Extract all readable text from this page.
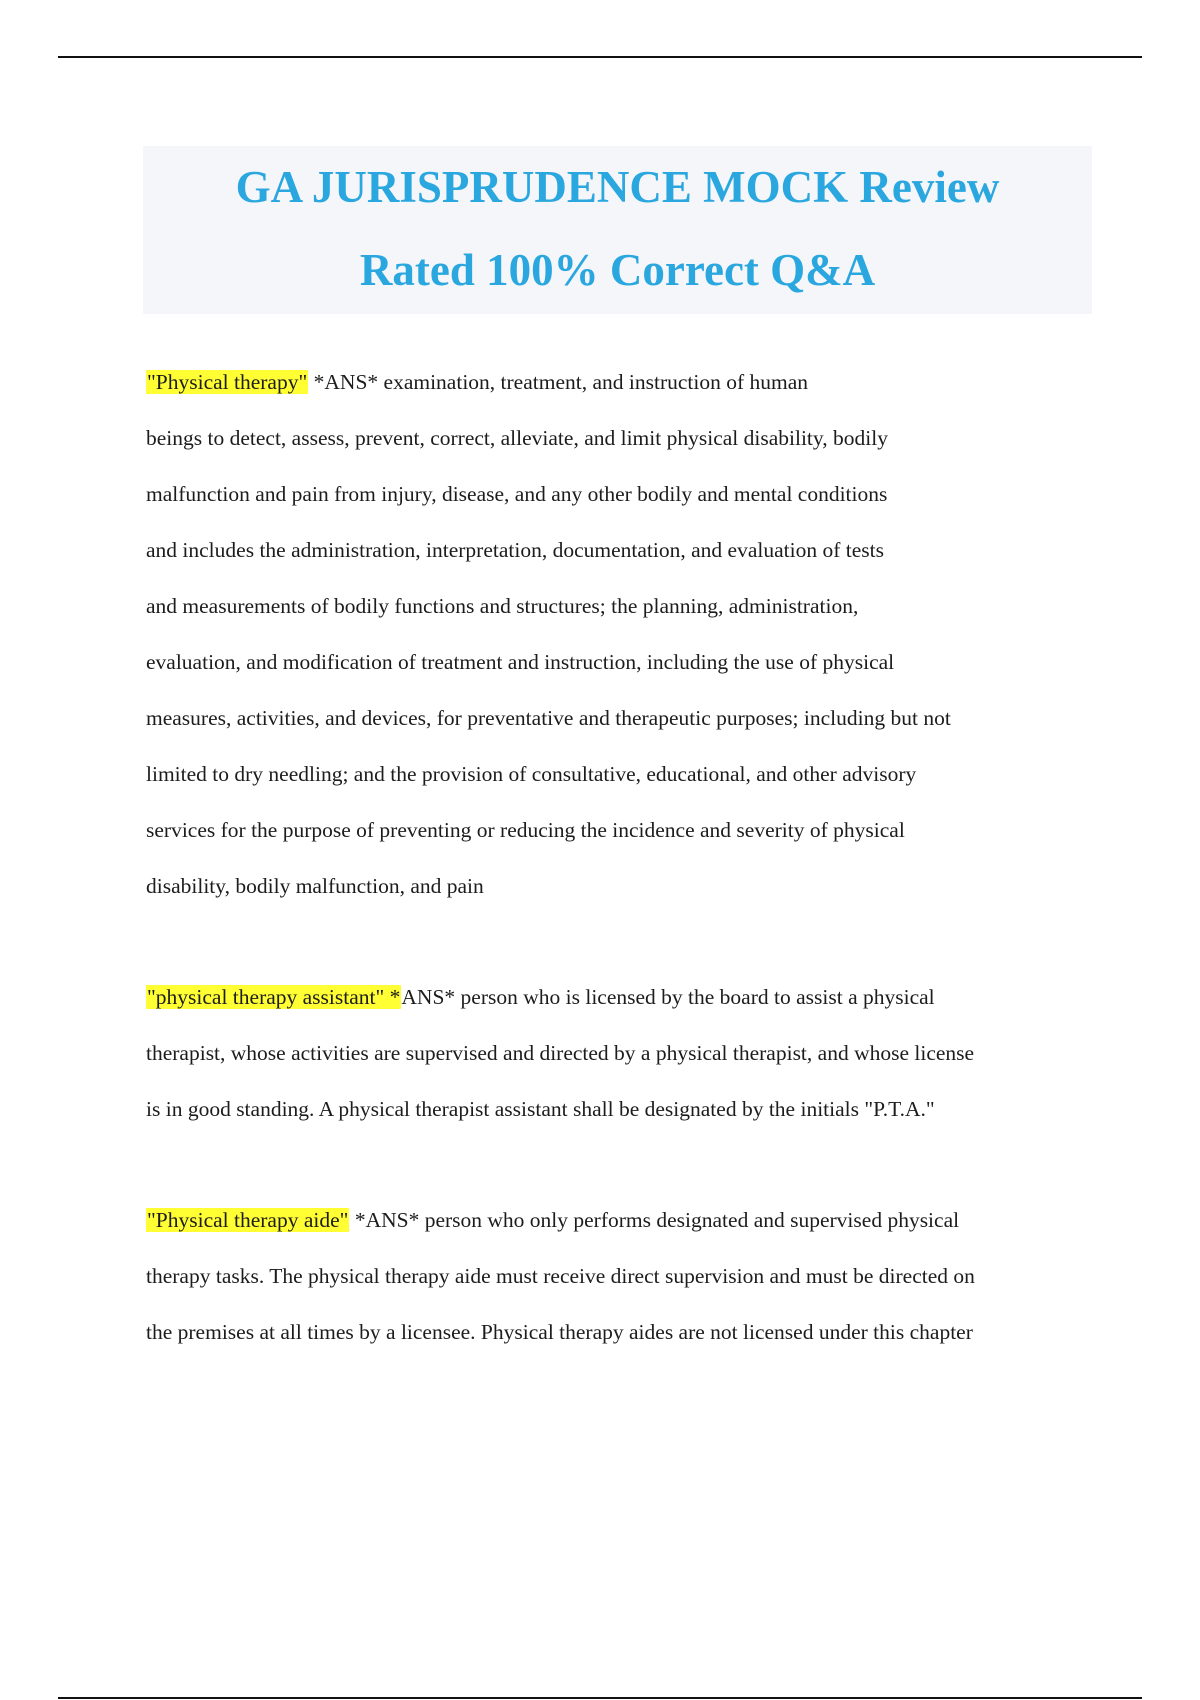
GA JURISPRUDENCE MOCK Review
Rated 100% Correct Q&A
"Physical therapy" *ANS* examination, treatment, and instruction of human
beings to detect, assess, prevent, correct, alleviate, and limit physical disability, bodily
malfunction and pain from injury, disease, and any other bodily and mental conditions
and includes the administration, interpretation, documentation, and evaluation of tests
and measurements of bodily functions and structures; the planning, administration,
evaluation, and modification of treatment and instruction, including the use of physical
measures, activities, and devices, for preventative and therapeutic purposes; including but not
limited to dry needling; and the provision of consultative, educational, and other advisory
services for the purpose of preventing or reducing the incidence and severity of physical
disability, bodily malfunction, and pain
"physical therapy assistant" *ANS* person who is licensed by the board to assist a physical
therapist, whose activities are supervised and directed by a physical therapist, and whose license
is in good standing. A physical therapist assistant shall be designated by the initials "P.T.A."
"Physical therapy aide" *ANS* person who only performs designated and supervised physical
therapy tasks. The physical therapy aide must receive direct supervision and must be directed on
the premises at all times by a licensee. Physical therapy aides are not licensed under this chapter
